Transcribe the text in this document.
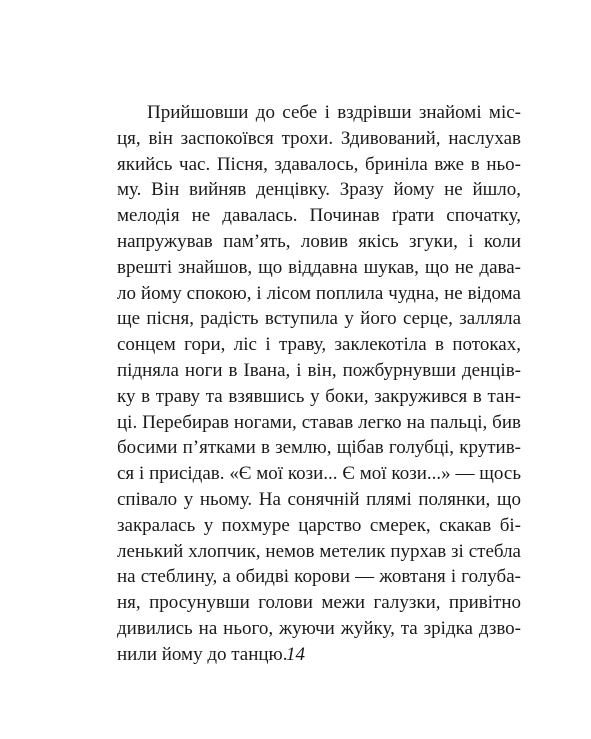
Прийшовши до себе і вздрівши знайомі міс-
ця, він заспокоївся трохи. Здивований, наслухав
якийсь час. Пісня, здавалось, бриніла вже в ньо-
му. Він вийняв денцівку. Зразу йому не йшло,
мелодія не давалась. Починав ґрати спочатку,
напружував пам’ять, ловив якісь згуки, і коли
врешті знайшов, що віддавна шукав, що не дава-
ло йому спокою, і лісом поплила чудна, не відома
ще пісня, радість вступила у його серце, залляла
сонцем гори, ліс і траву, заклекотіла в потоках,
підняла ноги в Івана, і він, пожбурнувши денців-
ку в траву та взявшись у боки, закружився в тан-
ці. Перебирав ногами, ставав легко на пальці, бив
босими п’ятками в землю, щібав голубці, крутив-
ся і присідав. «Є мої кози... Є мої кози...» — щось
співало у ньому. На сонячній плямі полянки, що
закралась у похмуре царство смерек, скакав бі-
ленький хлопчик, немов метелик пурхав зі стебла
на стеблину, а обидві корови — жовтаня і голуба-
ня, просунувши голови межи галузки, привітно
дивились на нього, жуючи жуйку, та зрідка дзво-
нили йому до танцю.
14
